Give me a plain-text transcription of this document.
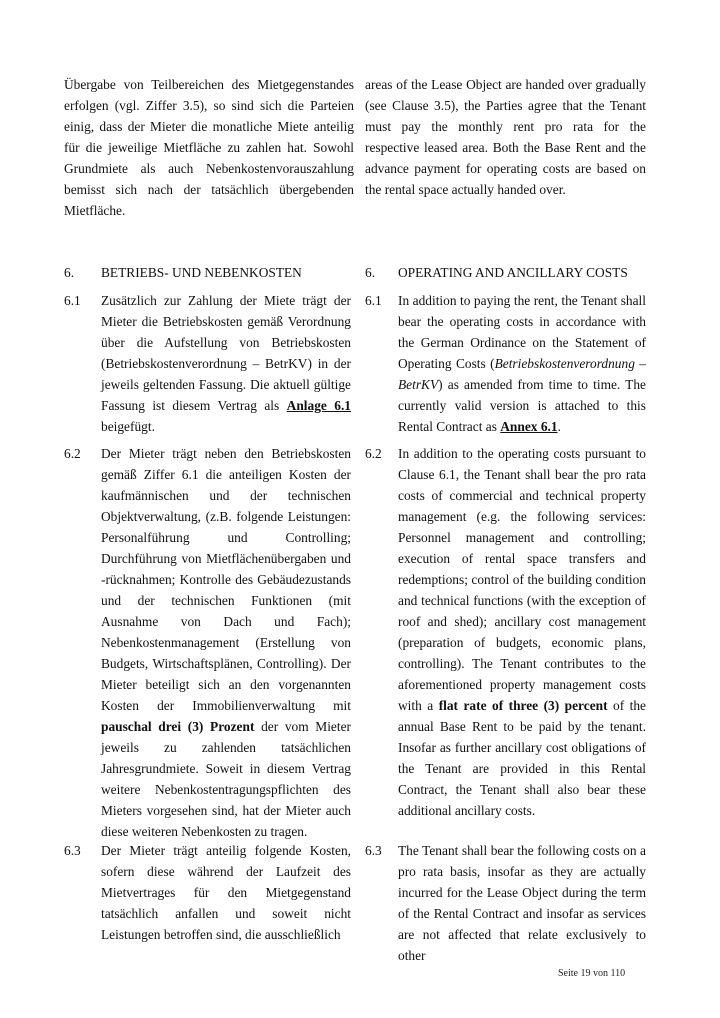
Übergabe von Teilbereichen des Mietgegenstandes erfolgen (vgl. Ziffer 3.5), so sind sich die Parteien einig, dass der Mieter die monatliche Miete anteilig für die jeweilige Mietfläche zu zahlen hat. Sowohl Grundmiete als auch Nebenkostenvorauszahlung bemisst sich nach der tatsächlich übergebenden Mietfläche.
areas of the Lease Object are handed over gradually (see Clause 3.5), the Parties agree that the Tenant must pay the monthly rent pro rata for the respective leased area. Both the Base Rent and the advance payment for operating costs are based on the rental space actually handed over.
6. BETRIEBS- UND NEBENKOSTEN	6. OPERATING AND ANCILLARY COSTS
6.1 Zusätzlich zur Zahlung der Miete trägt der Mieter die Betriebskosten gemäß Verordnung über die Aufstellung von Betriebskosten (Betriebskostenverordnung – BetrKV) in der jeweils geltenden Fassung. Die aktuell gültige Fassung ist diesem Vertrag als Anlage 6.1 beigefügt.
6.1 In addition to paying the rent, the Tenant shall bear the operating costs in accordance with the German Ordinance on the Statement of Operating Costs (Betriebskostenverordnung – BetrKV) as amended from time to time. The currently valid version is attached to this Rental Contract as Annex 6.1.
6.2 Der Mieter trägt neben den Betriebskosten gemäß Ziffer 6.1 die anteiligen Kosten der kaufmännischen und der technischen Objektverwaltung, (z.B. folgende Leistungen: Personalführung und Controlling; Durchführung von Mietflächenübergaben und ‑rücknahmen; Kontrolle des Gebäudezustands und der technischen Funktionen (mit Ausnahme von Dach und Fach); Nebenkostenmanagement (Erstellung von Budgets, Wirtschaftsplänen, Controlling). Der Mieter beteiligt sich an den vorgenannten Kosten der Immobilienverwaltung mit pauschal drei (3) Prozent der vom Mieter jeweils zu zahlenden tatsächlichen Jahresgrundmiete. Soweit in diesem Vertrag weitere Nebenkostentragungspflichten des Mieters vorgesehen sind, hat der Mieter auch diese weiteren Nebenkosten zu tragen.
6.2 In addition to the operating costs pursuant to Clause 6.1, the Tenant shall bear the pro rata costs of commercial and technical property management (e.g. the following services: Personnel management and controlling; execution of rental space transfers and redemptions; control of the building condition and technical functions (with the exception of roof and shed); ancillary cost management (preparation of budgets, economic plans, controlling). The Tenant contributes to the aforementioned property management costs with a flat rate of three (3) percent of the annual Base Rent to be paid by the tenant. Insofar as further ancillary cost obligations of the Tenant are provided in this Rental Contract, the Tenant shall also bear these additional ancillary costs.
6.3 Der Mieter trägt anteilig folgende Kosten, sofern diese während der Laufzeit des Mietvertrages für den Mietgegenstand tatsächlich anfallen und soweit nicht Leistungen betroffen sind, die ausschließlich
6.3 The Tenant shall bear the following costs on a pro rata basis, insofar as they are actually incurred for the Lease Object during the term of the Rental Contract and insofar as services are not affected that relate exclusively to other
Seite 19 von 110
